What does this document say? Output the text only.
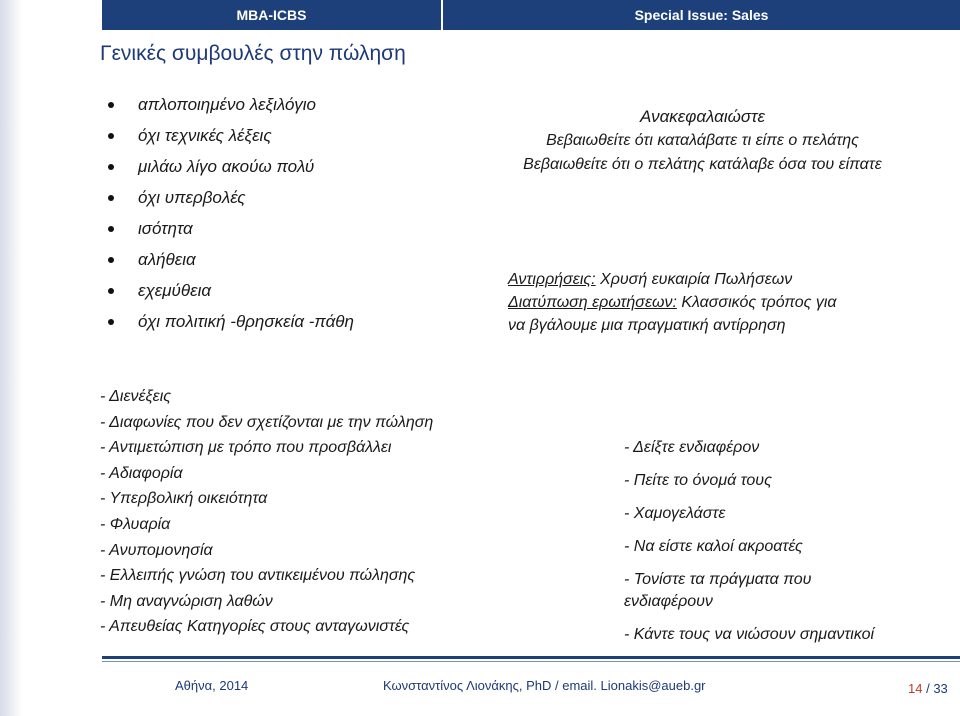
MBA-ICBS	Special Issue: Sales
Γενικές συμβουλές στην πώληση
απλοποιημένο λεξιλόγιο
όχι τεχνικές λέξεις
μιλάω λίγο ακούω πολύ
όχι υπερβολές
ισότητα
αλήθεια
εχεμύθεια
όχι πολιτική -θρησκεία -πάθη
Ανακεφαλαιώστε
Βεβαιωθείτε ότι καταλάβατε τι είπε ο πελάτης
Βεβαιωθείτε ότι ο πελάτης κατάλαβε όσα του είπατε
Αντιρρήσεις: Χρυσή ευκαιρία Πωλήσεων
Διατύπωση ερωτήσεων: Κλασσικός τρόπος για
να βγάλουμε μια πραγματική αντίρρηση
- Διενέξεις
- Διαφωνίες που δεν σχετίζονται με την πώληση
- Αντιμετώπιση με τρόπο που προσβάλλει
- Αδιαφορία
- Υπερβολική οικειότητα
- Φλυαρία
- Ανυπομονησία
- Ελλειπής γνώση του αντικειμένου πώλησης
- Μη αναγνώριση λαθών
- Απευθείας Κατηγορίες στους ανταγωνιστές
- Δείξτε ενδιαφέρον
- Πείτε το όνομά τους
- Χαμογελάστε
- Να είστε καλοί ακροατές
- Τονίστε τα πράγματα που ενδιαφέρουν
- Κάντε τους να νιώσουν σημαντικοί
Αθήνα, 2014	Κωνσταντίνος Λιονάκης, PhD / email. Lionakis@aueb.gr	14 / 33
